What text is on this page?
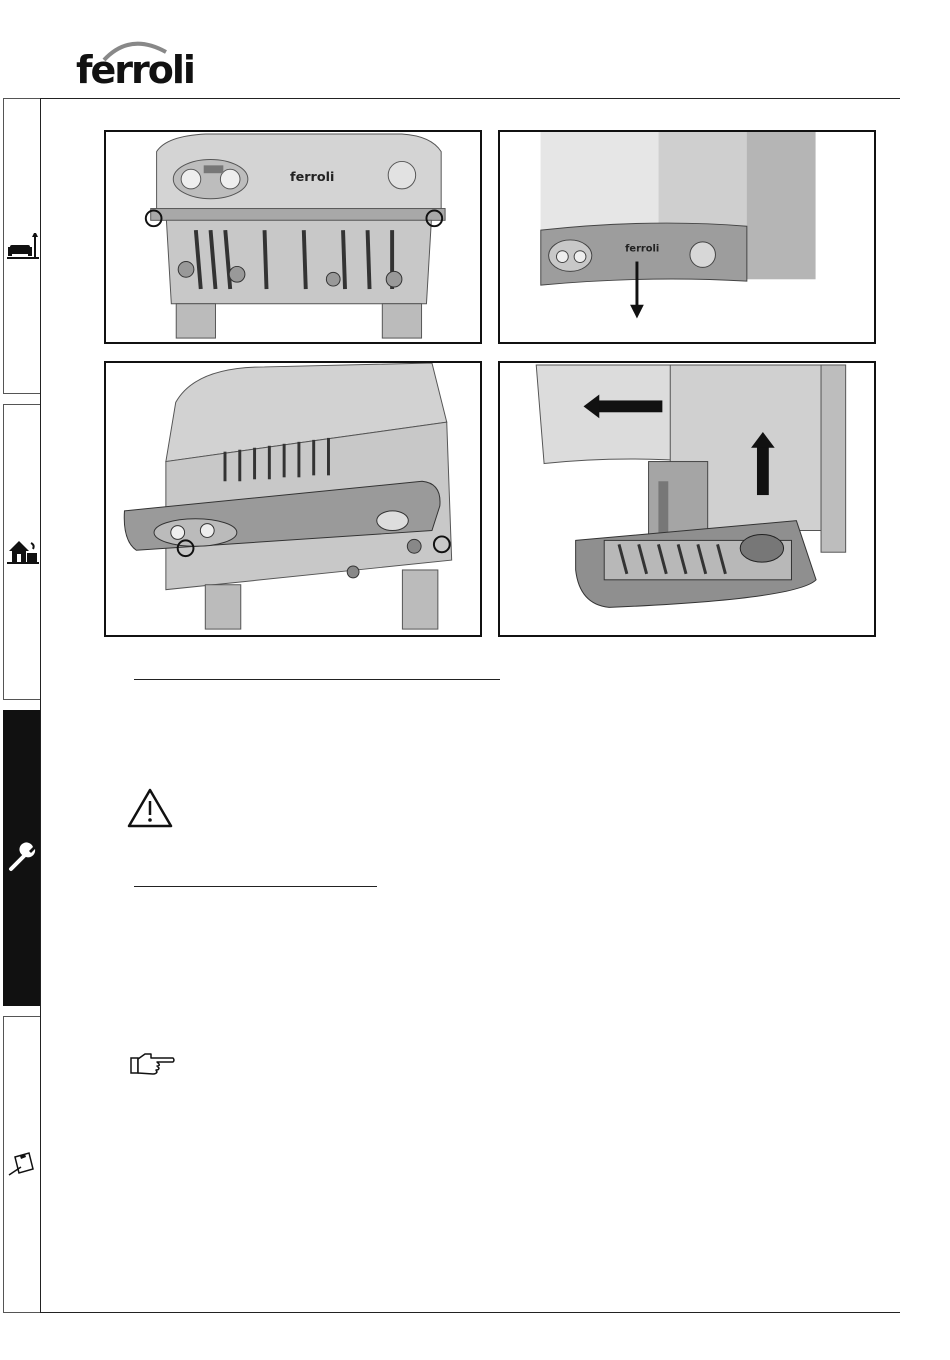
ferroli
ferroli
ferroli
